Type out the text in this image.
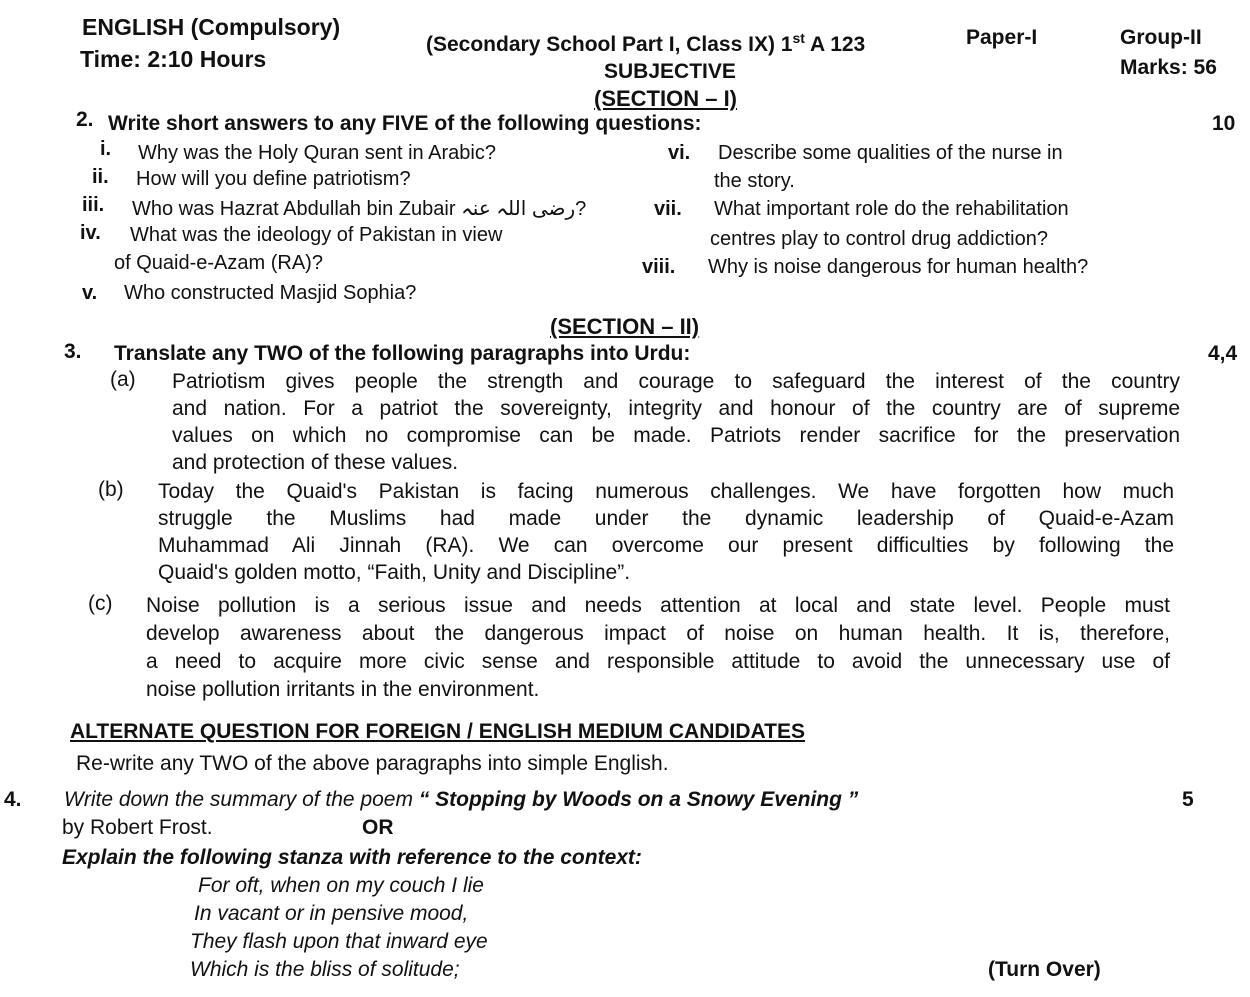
ENGLISH (Compulsory)
Time: 2:10 Hours
(Secondary School Part I, Class IX) 1st A 123	Paper-I	Group-II
Marks: 56
SUBJECTIVE
(SECTION – I)
2. Write short answers to any FIVE of the following questions:	10
i. Why was the Holy Quran sent in Arabic?
ii. How will you define patriotism?
iii. Who was Hazrat Abdullah bin Zubair رضی اللہ عنہ?
iv. What was the ideology of Pakistan in view
of Quaid-e-Azam (RA)?
v. Who constructed Masjid Sophia?
vi. Describe some qualities of the nurse in
the story.
vii. What important role do the rehabilitation
centres play to control drug addiction?
viii. Why is noise dangerous for human health?
(SECTION – II)
3. Translate any TWO of the following paragraphs into Urdu:	4,4
(a) Patriotism gives people the strength and courage to safeguard the interest of the country
and nation. For a patriot the sovereignty, integrity and honour of the country are of supreme
values on which no compromise can be made. Patriots render sacrifice for the preservation
and protection of these values.
(b) Today the Quaid's Pakistan is facing numerous challenges. We have forgotten how much
struggle the Muslims had made under the dynamic leadership of Quaid-e-Azam
Muhammad Ali Jinnah (RA). We can overcome our present difficulties by following the
Quaid's golden motto, “Faith, Unity and Discipline”.
(c) Noise pollution is a serious issue and needs attention at local and state level. People must
develop awareness about the dangerous impact of noise on human health. It is, therefore,
a need to acquire more civic sense and responsible attitude to avoid the unnecessary use of
noise pollution irritants in the environment.
ALTERNATE QUESTION FOR FOREIGN / ENGLISH MEDIUM CANDIDATES
Re-write any TWO of the above paragraphs into simple English.
4. Write down the summary of the poem “ Stopping by Woods on a Snowy Evening ”	5
by Robert Frost.	OR
Explain the following stanza with reference to the context:
For oft, when on my couch I lie
In vacant or in pensive mood,
They flash upon that inward eye
Which is the bliss of solitude;	(Turn Over)
